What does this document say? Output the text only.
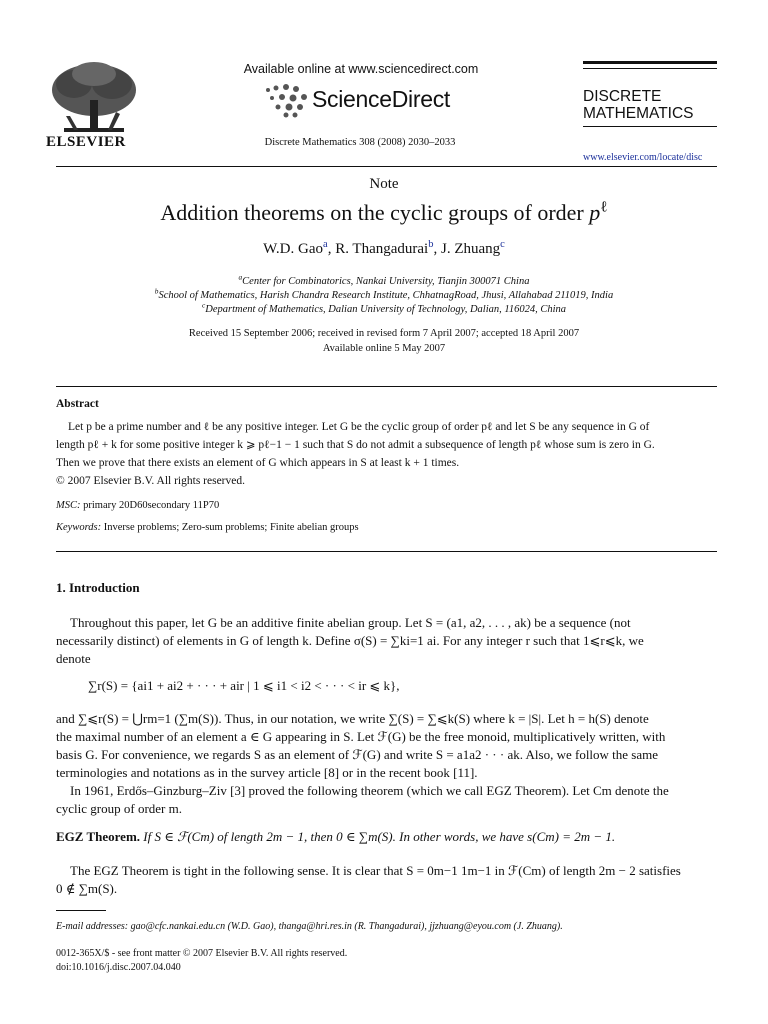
ELSEVIER
Available online at www.sciencedirect.com
ScienceDirect
Discrete Mathematics 308 (2008) 2030–2033
DISCRETE
MATHEMATICS
www.elsevier.com/locate/disc
Note
Addition theorems on the cyclic groups of order $p^\ell$
W.D. Gao$^a$, R. Thangadurai$^b$, J. Zhuang$^c$
$^a$Center for Combinatorics, Nankai University, Tianjin 300071 China
$^b$School of Mathematics, Harish Chandra Research Institute, ChhatnagRoad, Jhusi, Allahabad 211019, India
$^c$Department of Mathematics, Dalian University of Technology, Dalian, 116024, China
Received 15 September 2006; received in revised form 7 April 2007; accepted 18 April 2007
Available online 5 May 2007
Abstract
Let p be a prime number and ℓ be any positive integer. Let G be the cyclic group of order pℓ and let S be any sequence in G of
length pℓ + k for some positive integer k ⩾ pℓ−1 − 1 such that S do not admit a subsequence of length pℓ whose sum is zero in G.
Then we prove that there exists an element of G which appears in S at least k + 1 times.
© 2007 Elsevier B.V. All rights reserved.
MSC: primary 20D60secondary 11P70
Keywords: Inverse problems; Zero-sum problems; Finite abelian groups
1. Introduction
Throughout this paper, let G be an additive finite abelian group. Let S = (a1, a2, . . . , ak) be a sequence (not
necessarily distinct) of elements in G of length k. Define σ(S) = ∑ki=1 ai. For any integer r such that 1⩽r⩽k, we
denote
∑r(S) = {ai1 + ai2 + · · · + air | 1 ⩽ i1 < i2 < · · · < ir ⩽ k},
and ∑⩽r(S) = ⋃rm=1 (∑m(S)). Thus, in our notation, we write ∑(S) = ∑⩽k(S) where k = |S|. Let h = h(S) denote
the maximal number of an element a ∈ G appearing in S. Let ℱ(G) be the free monoid, multiplicatively written, with
basis G. For convenience, we regards S as an element of ℱ(G) and write S = a1a2 · · · ak. Also, we follow the same
terminologies and notations as in the survey article [8] or in the recent book [11].
In 1961, Erdős–Ginzburg–Ziv [3] proved the following theorem (which we call EGZ Theorem). Let Cm denote the
cyclic group of order m.
EGZ Theorem. If S ∈ ℱ(Cm) of length 2m − 1, then 0 ∈ ∑m(S). In other words, we have s(Cm) = 2m − 1.
The EGZ Theorem is tight in the following sense. It is clear that S = 0m−1 1m−1 in ℱ(Cm) of length 2m − 2 satisfies
0 ∉ ∑m(S).
E-mail addresses: gao@cfc.nankai.edu.cn (W.D. Gao), thanga@hri.res.in (R. Thangadurai), jjzhuang@eyou.com (J. Zhuang).
0012-365X/$ - see front matter © 2007 Elsevier B.V. All rights reserved.
doi:10.1016/j.disc.2007.04.040
